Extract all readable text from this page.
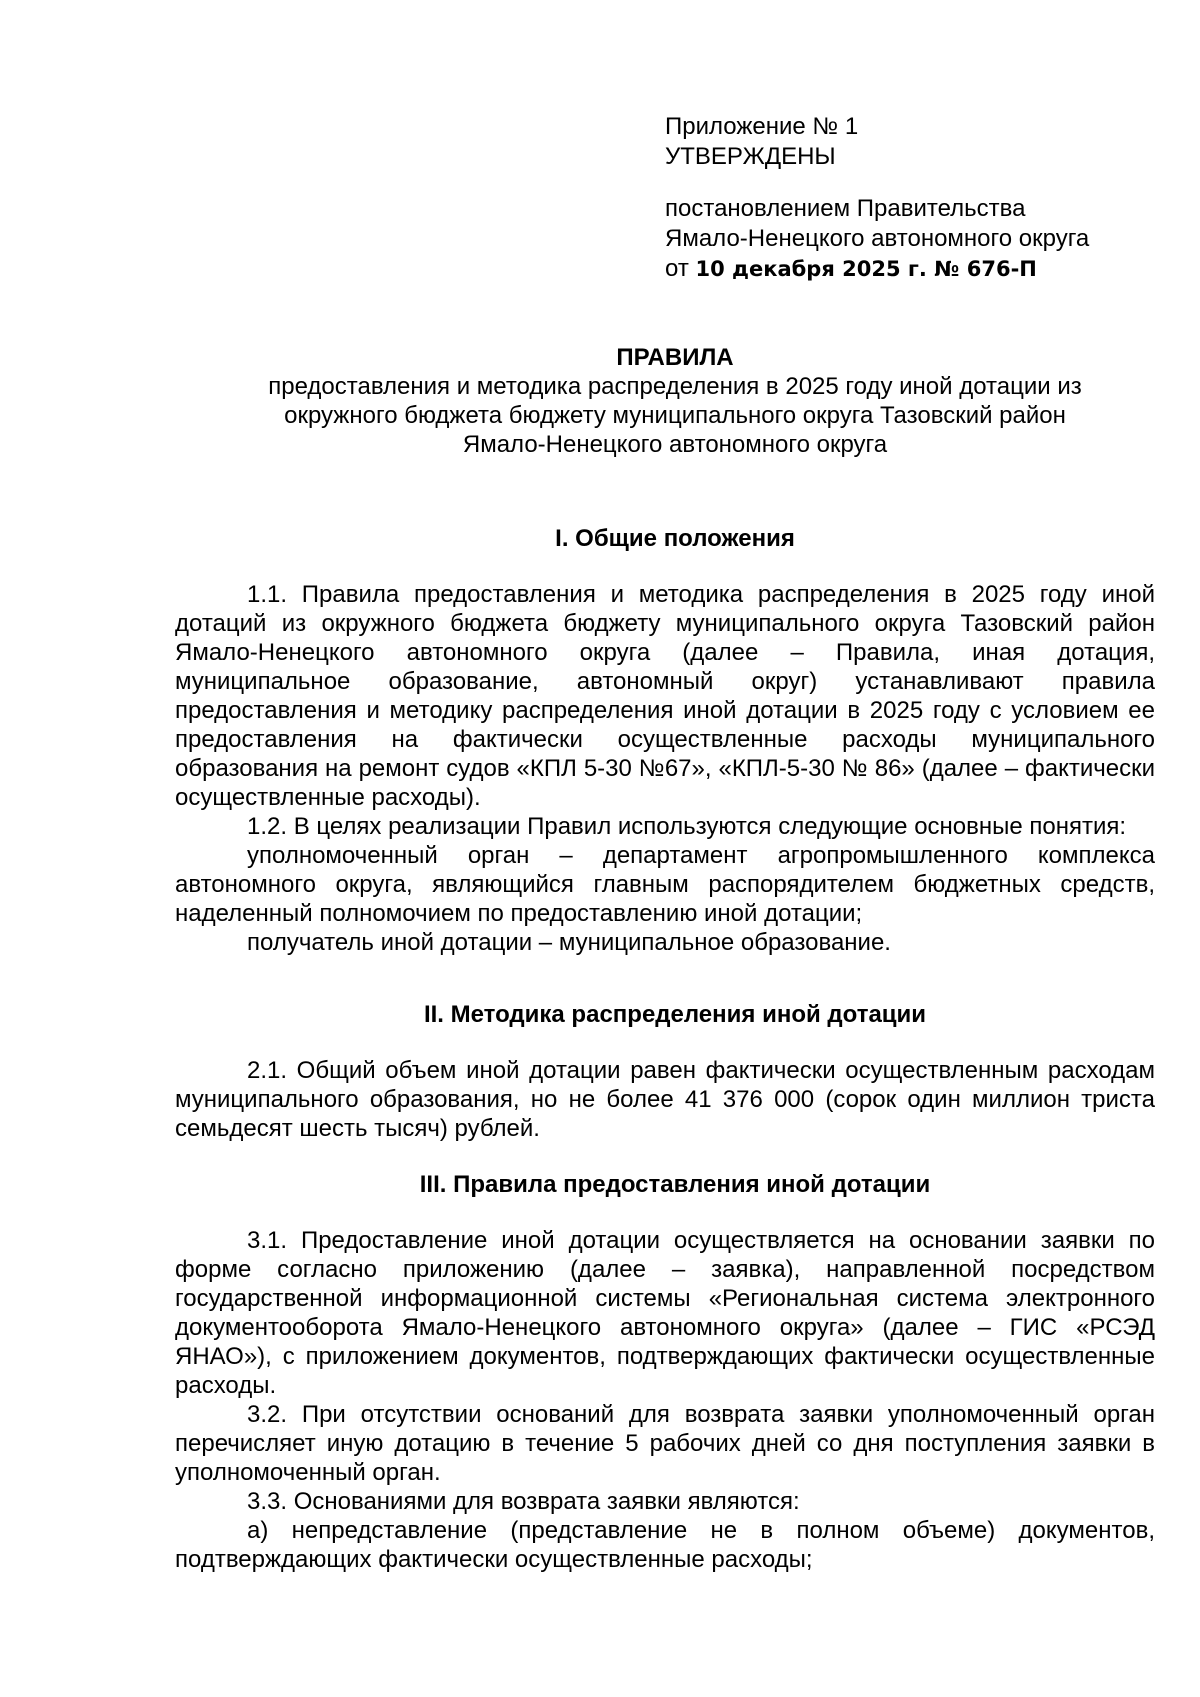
Приложение № 1
УТВЕРЖДЕНЫ
постановлением Правительства
Ямало-Ненецкого автономного округа
от 10 декабря 2025 г. № 676-П
ПРАВИЛА
предоставления и методика распределения в 2025 году иной дотации из
окружного бюджета бюджету муниципального округа Тазовский район
Ямало-Ненецкого автономного округа
I. Общие положения

1.1. Правила предоставления и методика распределения в 2025 году иной дотаций из окружного бюджета бюджету муниципального округа Тазовский район Ямало-Ненецкого автономного округа (далее – Правила, иная дотация, муниципальное образование, автономный округ) устанавливают правила предоставления и методику распределения иной дотации в 2025 году с условием ее предоставления на фактически осуществленные расходы муниципального образования на ремонт судов «КПЛ 5-30 №67», «КПЛ-5-30 № 86» (далее – фактически осуществленные расходы).

1.2. В целях реализации Правил используются следующие основные понятия:

уполномоченный орган – департамент агропромышленного комплекса автономного округа, являющийся главным распорядителем бюджетных средств, наделенный полномочием по предоставлению иной дотации;

получатель иной дотации – муниципальное образование.

II. Методика распределения иной дотации

2.1. Общий объем иной дотации равен фактически осуществленным расходам муниципального образования, но не более 41 376 000 (сорок один миллион триста семьдесят шесть тысяч) рублей.

III. Правила предоставления иной дотации

3.1. Предоставление иной дотации осуществляется на основании заявки по форме согласно приложению (далее – заявка), направленной посредством государственной информационной системы «Региональная система электронного документооборота Ямало-Ненецкого автономного округа» (далее – ГИС «РСЭД ЯНАО»), с приложением документов, подтверждающих фактически осуществленные расходы.

3.2. При отсутствии оснований для возврата заявки уполномоченный орган перечисляет иную дотацию в течение 5 рабочих дней со дня поступления заявки в уполномоченный орган.

3.3. Основаниями для возврата заявки являются:

а) непредставление (представление не в полном объеме) документов, подтверждающих фактически осуществленные расходы;
